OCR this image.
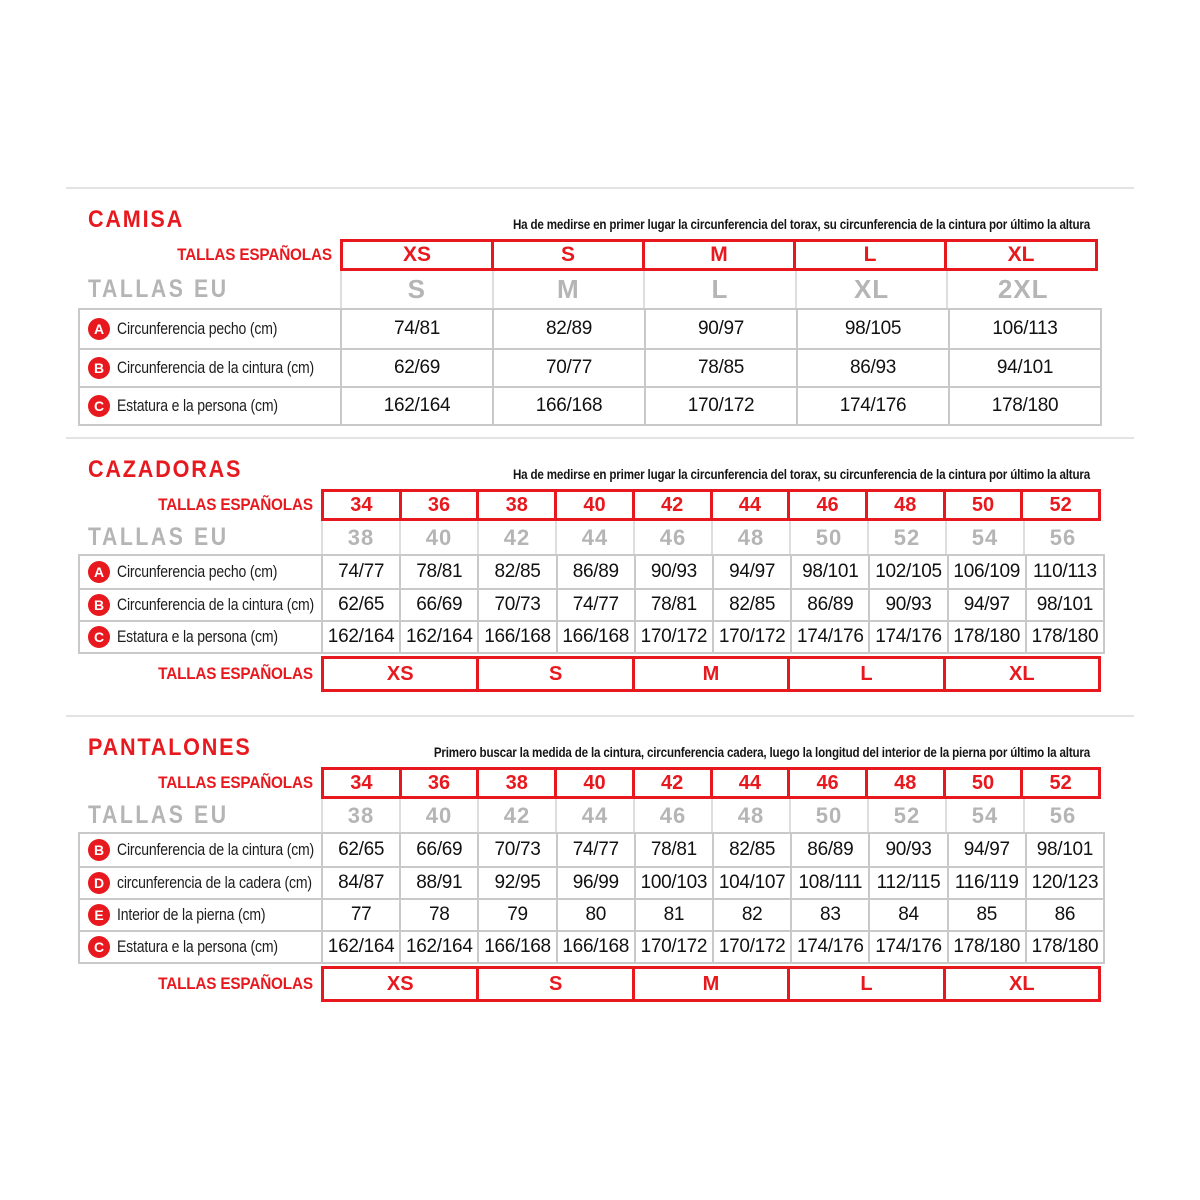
CAMISA	Ha de medirse en primer lugar la circunferencia del torax, su circunferencia de la cintura por último la altura
TALLAS ESPAÑOLAS	XS	S	M	L	XL
TALLAS EU	S	M	L	XL	2XL
A Circunferencia pecho (cm)	74/81	82/89	90/97	98/105	106/113
B Circunferencia de la cintura (cm)	62/69	70/77	78/85	86/93	94/101
C Estatura e la persona (cm)	162/164	166/168	170/172	174/176	178/180
CAZADORAS	Ha de medirse en primer lugar la circunferencia del torax, su circunferencia de la cintura por último la altura
TALLAS ESPAÑOLAS	34	36	38	40	42	44	46	48	50	52
TALLAS EU	38	40	42	44	46	48	50	52	54	56
A Circunferencia pecho (cm)	74/77	78/81	82/85	86/89	90/93	94/97	98/101 102/105 106/109 110/113
B Circunferencia de la cintura (cm)	62/65	66/69	70/73	74/77	78/81	82/85	86/89	90/93	94/97	98/101
C Estatura e la persona (cm)	162/164 162/164 166/168 166/168 170/172 170/172 174/176 174/176 178/180 178/180
TALLAS ESPAÑOLAS	XS	S	M	L	XL
PANTALONES	Primero buscar la medida de la cintura, circunferencia cadera, luego la longitud del interior de la pierna por último la altura
TALLAS ESPAÑOLAS	34	36	38	40	42	44	46	48	50	52
TALLAS EU	38	40	42	44	46	48	50	52	54	56
B Circunferencia de la cintura (cm)	62/65	66/69	70/73	74/77	78/81	82/85	86/89	90/93	94/97	98/101
D circunferencia de la cadera (cm)	84/87	88/91	92/95	96/99	100/103 104/107 108/111 112/115 116/119 120/123
E Interior de la pierna (cm)	77	78	79	80	81	82	83	84	85	86
C Estatura e la persona (cm)	162/164 162/164 166/168 166/168 170/172 170/172 174/176 174/176 178/180 178/180
TALLAS ESPAÑOLAS	XS	S	M	L	XL
